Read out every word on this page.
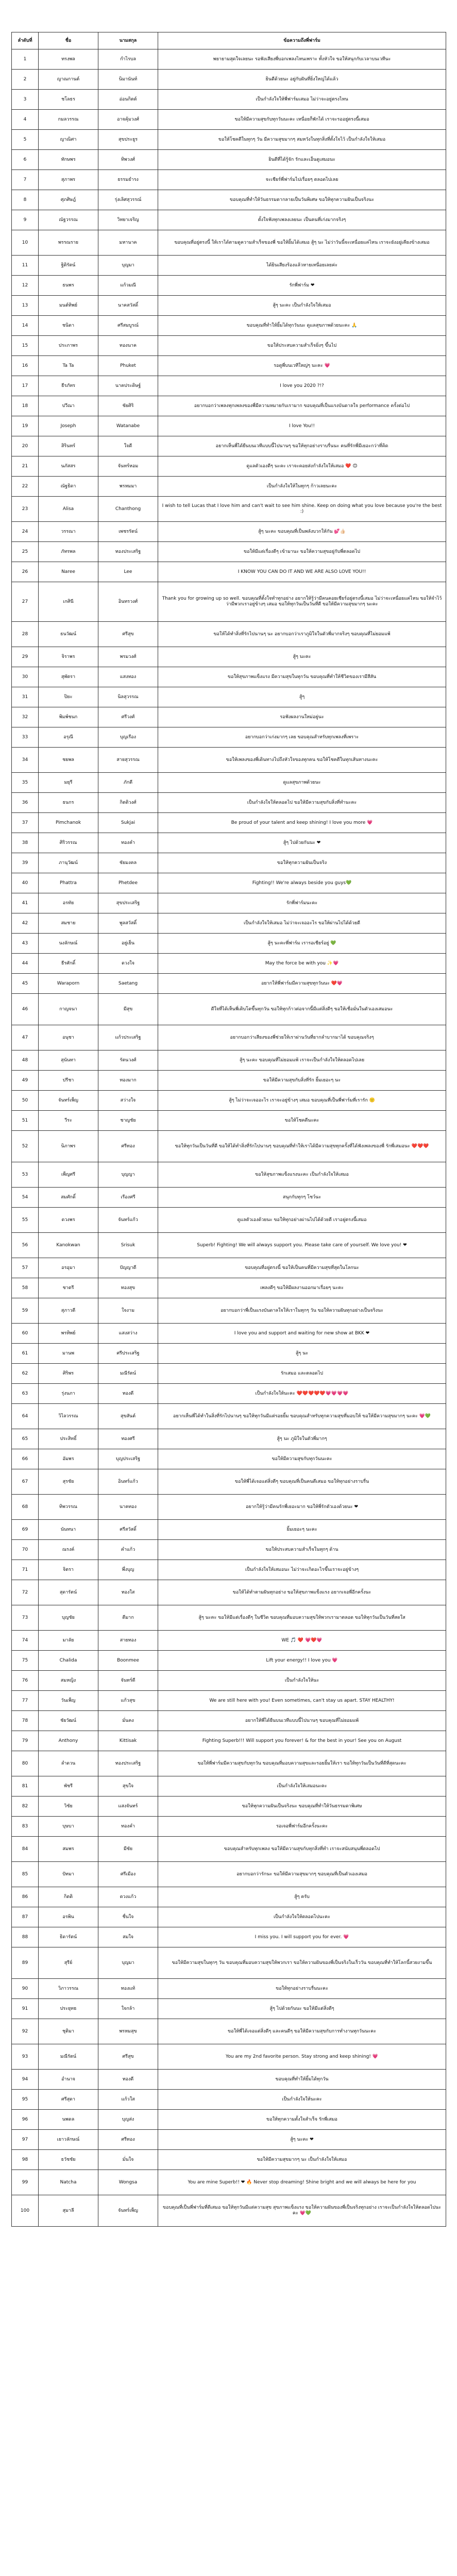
ลำดับที่	ชื่อ	นามสกุล	ข้อความถึงพี่ฟาร์ม
1	ทรงพล	กำไรบล	พยายามสุดใจเลยนะ รอฟังเสียงพี่บอกเพลงไหนเพราะ ทั้งหัวใจ ขอให้สนุกกับเวลาบนเวทีนะ
2	ญาณกานต์	นิมานันท์	ยินดีด้วยนะ อยู่กับฝันที่ยิ่งใหญ่ได้แล้ว
3	ชโลธร	อ่อนกิตต์	เป็นกำลังใจให้พี่ฟาร์มเสมอ ไม่ว่าจะอยู่ตรงไหน
4	กมลวรรณ	อาจคุ้มวงศ์	ขอให้มีความสุขกับทุกวันนะคะ เหนื่อยก็พักได้ เราจะรออยู่ตรงนี้เสมอ
5	ญาณิศา	สุขประยูร	ขอให้โชคดีในทุกๆ วัน มีความสุขมากๆ สมหวังในทุกสิ่งที่ตั้งใจไว้ เป็นกำลังใจให้เสมอ
6	ทักษพร	ทิพวงศ์	ยินดีที่ได้รู้จัก รักและเอ็นดูเสมอนะ
7	สุภาพร	ธรรมธำรง	จะเชียร์พี่ฟาร์มไปเรื่อยๆ ตลอดไปเลย
8	ศุภศิษฎ์	รุ่งเลิศสุวรรณ์	ขอบคุณที่ทำให้วันธรรมดากลายเป็นวันพิเศษ ขอให้ทุกความฝันเป็นจริงนะ
9	ณัฐวรรณ	วิทยาเจริญ	ตั้งใจฟังทุกเพลงเลยนะ เป็นคนที่เก่งมากจริงๆ
10	พรรณราย	มหานาค	ขอบคุณที่อยู่ตรงนี้ ให้เราได้ตามดูความสำเร็จของพี่ ขอให้ยิ้มได้เสมอ สู้ๆ นะ ไม่ว่าวันนี้จะเหนื่อยแค่ไหน เราจะยังอยู่เคียงข้างเสมอ
11	ฐิติรัตน์	บุญมา	ได้ยินเสียงร้องแล้วหายเหนื่อยเลยค่ะ
12	ธนพร	แก้วมณี	รักพี่ฟาร์ม ❤
13	มนต์ทิพย์	นาคสวัสดิ์	สู้ๆ นะคะ เป็นกำลังใจให้เสมอ
14	ชนิดา	ศรีสมบูรณ์	ขอบคุณที่ทำให้ยิ้มได้ทุกวันนะ ดูแลสุขภาพด้วยนะคะ 🙏
15	ประภาพร	ทองนาค	ขอให้ประสบความสำเร็จยิ่งๆ ขึ้นไป
16	Ta Ta	Phuket	รอดูพี่บนเวทีใหญ่ๆ นะคะ 💗
17	ธีรภัทร	นาคประดิษฐ์	I love you 2020 ?!?
18	ปวีณา	ชัยศิริ	อยากบอกว่าเพลงทุกเพลงของพี่มีความหมายกับเรามาก ขอบคุณที่เป็นแรงบันดาลใจ performance ครั้งต่อไป
19	Joseph	Watanabe	I love You!!
20	สิรินทร์	ใจดี	อยากเห็นพี่ได้ยืนบนเวทีแบบนี้ไปนานๆ ขอให้ทุกอย่างราบรื่นนะ คนที่รักพี่มีเยอะกว่าที่คิด
21	นภัสสร	จันทร์หอม	ดูแลตัวเองดีๆ นะคะ เราจะคอยส่งกำลังใจให้เสมอ ❤️ 😊
22	ณัฐธิดา	พรหมมา	เป็นกำลังใจให้ในทุกๆ ก้าวเลยนะคะ
23	Alisa	Chanthong	I wish to tell Lucas that I love him and can't wait to see him shine. Keep on doing what you love because you're the best :)
24	วรรณา	เพชรรัตน์	สู้ๆ นะคะ ขอบคุณที่เป็นพลังบวกให้กัน 💕👍🏻
25	ภัทรพล	ทองประเสริฐ	ขอให้มีแต่เรื่องดีๆ เข้ามานะ ขอให้ความสุขอยู่กับพี่ตลอดไป
26	Naree	Lee	I KNOW YOU CAN DO IT AND WE ARE ALSO LOVE YOU!!
27	เกศินี	อินทรวงศ์	Thank you for growing up so well. ขอบคุณที่ตั้งใจทำทุกอย่าง อยากให้รู้ว่ามีคนคอยเชียร์อยู่ตรงนี้เสมอ ไม่ว่าจะเหนื่อยแค่ไหน ขอให้จำไว้ว่ามีพวกเราอยู่ข้างๆ เสมอ ขอให้ทุกวันเป็นวันที่ดี ขอให้มีความสุขมากๆ นะคะ
28	ธนวัฒน์	ศรีสุข	ขอให้ได้ทำสิ่งที่รักไปนานๆ นะ อยากบอกว่าเราภูมิใจในตัวพี่มากจริงๆ ขอบคุณที่ไม่ยอมแพ้
29	จิราพร	พรมวงศ์	สู้ๆ นะคะ
30	สุพัตรา	แสงทอง	ขอให้สุขภาพแข็งแรง มีความสุขในทุกวัน ขอบคุณที่ทำให้ชีวิตของเรามีสีสัน
31	ปิยะ	นิลสุวรรณ	สู้ๆ
32	พิมพ์ชนก	ศรีวงศ์	รอฟังผลงานใหม่อยู่นะ
33	อรุณี	บุญเรือง	อยากบอกว่าเก่งมากๆ เลย ขอบคุณสำหรับทุกเพลงที่เพราะ
34	ชยพล	สายสุวรรณ	ขอให้เพลงของพี่เดินทางไปถึงหัวใจของทุกคน ขอให้โชคดีในทุกเส้นทางนะคะ
35	มยุรี	ภักดี	ดูแลสุขภาพด้วยนะ
36	ธนกร	กิตติวงศ์	เป็นกำลังใจให้ตลอดไป ขอให้มีความสุขกับสิ่งที่ทำนะคะ
37	Pimchanok	Sukjai	Be proud of your talent and keep shining! I love you more 💗
38	ศิริวรรณ	ทองคำ	สู้ๆ ไปด้วยกันนะ ❤
39	ภานุวัฒน์	ชัยมงคล	ขอให้ทุกความฝันเป็นจริง
40	Phattra	Phetdee	Fighting!! We're always beside you guys💚
41	อรทัย	สุขประเสริฐ	รักพี่ฟาร์มนะคะ
42	สมชาย	พูลสวัสดิ์	เป็นกำลังใจให้เสมอ ไม่ว่าจะเจออะไร ขอให้ผ่านไปได้ด้วยดี
43	นงลักษณ์	อยู่เย็น	สู้ๆ นะคะพี่ฟาร์ม เรารอเชียร์อยู่ 💚
44	ธีรศักดิ์	ดวงใจ	May the force be with you ✨💗
45	Waraporn	Saetang	อยากให้พี่ฟาร์มมีความสุขทุกวันนะ ❤️💗
46	กาญจนา	มีสุข	ดีใจที่ได้เห็นพี่เติบโตขึ้นทุกวัน ขอให้ทุกก้าวต่อจากนี้มีแต่สิ่งดีๆ ขอให้เชื่อมั่นในตัวเองเสมอนะ
47	อนุชา	แก้วประเสริฐ	อยากบอกว่าเสียงของพี่ช่วยให้เราผ่านวันที่ยากลำบากมาได้ ขอบคุณจริงๆ
48	สุนันทา	รัตนวงศ์	สู้ๆ นะคะ ขอบคุณที่ไม่ยอมแพ้ เราจะเป็นกำลังใจให้ตลอดไปเลย
49	ปรีชา	ทองมาก	ขอให้มีความสุขกับสิ่งที่รัก ยิ้มเยอะๆ นะ
50	จันทร์เพ็ญ	สว่างใจ	สู้ๆ ไม่ว่าจะเจออะไร เราจะอยู่ข้างๆ เสมอ ขอบคุณที่เป็นพี่ฟาร์มที่เรารัก 🙂
51	วีระ	ชาญชัย	ขอให้โชคดีนะคะ
52	นิภาพร	ศรีทอง	ขอให้ทุกวันเป็นวันที่ดี ขอให้ได้ทำสิ่งที่รักไปนานๆ ขอบคุณที่ทำให้เราได้มีความสุขทุกครั้งที่ได้ฟังเพลงของพี่ รักพี่เสมอนะ ❤️❤️❤️
53	เพ็ญศรี	บุญญา	ขอให้สุขภาพแข็งแรงนะคะ เป็นกำลังใจให้เสมอ
54	สมศักดิ์	เรืองศรี	สนุกกับทุกๆ โชว์นะ
55	ดวงพร	จันทร์แก้ว	ดูแลตัวเองด้วยนะ ขอให้ทุกอย่างผ่านไปได้ด้วยดี เราอยู่ตรงนี้เสมอ
56	Kanokwan	Srisuk	Superb! Fighting! We will always support you. Please take care of yourself. We love you! ❤
57	อรอุมา	ปัญญาดี	ขอบคุณที่อยู่ตรงนี้ ขอให้เป็นคนที่มีความสุขที่สุดในโลกนะ
58	ชาตรี	ทองสุข	เพลงดีๆ ขอให้มีผลงานออกมาเรื่อยๆ นะคะ
59	สุภาวดี	ใจงาม	อยากบอกว่าพี่เป็นแรงบันดาลใจให้เราในทุกๆ วัน ขอให้ความฝันทุกอย่างเป็นจริงนะ
60	พรทิพย์	แสงสว่าง	I love you and support and waiting for new show at BKK ❤
61	มานพ	ศรีประเสริฐ	สู้ๆ นะ
62	ศิริพร	มณีรัตน์	รักเสมอ และตลอดไป
63	รุ่งนภา	ทองดี	เป็นกำลังใจให้นะคะ ❤️❤️❤️❤️❤️💗💗💗💗
64	วิไลวรรณ	สุขสันต์	อยากเห็นพี่ได้ทำในสิ่งที่รักไปนานๆ ขอให้ทุกวันมีแต่รอยยิ้ม ขอบคุณสำหรับทุกความสุขที่มอบให้ ขอให้มีความสุขมากๆ นะคะ 💗💚
65	ประสิทธิ์	ทองศรี	สู้ๆ นะ ภูมิใจในตัวพี่มากๆ
66	อัมพร	บุญประเสริฐ	ขอให้มีความสุขกับทุกวันนะคะ
67	สุรชัย	อินทร์แก้ว	ขอให้พี่ได้เจอแต่สิ่งดีๆ ขอบคุณที่เป็นคนดีเสมอ ขอให้ทุกอย่างราบรื่น
68	ทิพวรรณ	นาคทอง	อยากให้รู้ว่ามีคนรักพี่เยอะมาก ขอให้พี่รักตัวเองด้วยนะ ❤
69	นันทนา	ศรีสวัสดิ์	ยิ้มเยอะๆ นะคะ
70	ณรงค์	คำแก้ว	ขอให้ประสบความสำเร็จในทุกๆ ด้าน
71	จิตรา	พึ่งบุญ	เป็นกำลังใจให้เสมอนะ ไม่ว่าจะเกิดอะไรขึ้นเราจะอยู่ข้างๆ
72	สุดารัตน์	ทองใส	ขอให้ได้ทำตามฝันทุกอย่าง ขอให้สุขภาพแข็งแรง อยากเจอพี่อีกครั้งนะ
73	บุญชัย	ดีมาก	สู้ๆ นะคะ ขอให้มีแต่เรื่องดีๆ ในชีวิต ขอบคุณที่มอบความสุขให้พวกเรามาตลอด ขอให้ทุกวันเป็นวันที่สดใส
74	มาลัย	สายทอง	WE 🎵 ❤️ 💗❤️💗
75	Chalida	Boonmee	Lift your energy!! I love you 💗
76	สมหญิง	จันทร์ดี	เป็นกำลังใจให้นะ
77	วันเพ็ญ	แก้วสุข	We are still here with you! Even sometimes, can't stay us apart. STAY HEALTHY!
78	ชัยวัฒน์	มั่นคง	อยากให้พี่ได้ยืนบนเวทีแบบนี้ไปนานๆ ขอบคุณที่ไม่ยอมแพ้
79	Anthony	Kittisak	Fighting Superb!!! Will support you forever! & for the best in your! See you on August
80	ลำดวน	ทองประเสริฐ	ขอให้พี่ฟาร์มมีความสุขกับทุกวัน ขอบคุณที่มอบความสุขและรอยยิ้มให้เรา ขอให้ทุกวันเป็นวันที่ดีที่สุดนะคะ
81	พัชรี	สุขใจ	เป็นกำลังใจให้เสมอนะคะ
82	วิชัย	แสงจันทร์	ขอให้ทุกความฝันเป็นจริงนะ ขอบคุณที่ทำให้วันธรรมดาพิเศษ
83	บุษบา	ทองคำ	รอเจอพี่ฟาร์มอีกครั้งนะคะ
84	สมพร	มีชัย	ขอบคุณสำหรับทุกเพลง ขอให้มีความสุขกับทุกสิ่งที่ทำ เราจะสนับสนุนพี่ตลอดไป
85	ปัทมา	ศรีเมือง	อยากบอกว่ารักนะ ขอให้มีความสุขมากๆ ขอบคุณที่เป็นตัวเองเสมอ
86	กิตติ	ดวงแก้ว	สู้ๆ ครับ
87	อรพิน	ชื่นใจ	เป็นกำลังใจให้ตลอดไปนะคะ
88	ธิดารัตน์	สมใจ	I miss you. I will support you for ever. 💗
89	สุรีย์	บุญมา	ขอให้มีความสุขในทุกๆ วัน ขอบคุณที่มอบความสุขให้พวกเรา ขอให้ความฝันของพี่เป็นจริงในเร็ววัน ขอบคุณที่ทำให้โลกนี้สวยงามขึ้น
90	วิภาวรรณ	ทองแท้	ขอให้ทุกอย่างราบรื่นนะคะ
91	ประยุทธ	ใจกล้า	สู้ๆ ไปด้วยกันนะ ขอให้มีแต่สิ่งดีๆ
92	ชุติมา	พรหมสุข	ขอให้พี่ได้เจอแต่สิ่งดีๆ และคนดีๆ ขอให้มีความสุขกับการทำงานทุกวันนะคะ
93	มณีรัตน์	ศรีสุข	You are my 2nd favorite person. Stay strong and keep shining! 💗
94	อำนาจ	ทองดี	ขอบคุณที่ทำให้ยิ้มได้ทุกวัน
95	ศรีสุดา	แก้วใส	เป็นกำลังใจให้นะคะ
96	นพดล	บุญส่ง	ขอให้ทุกความตั้งใจสำเร็จ รักพี่เสมอ
97	เยาวลักษณ์	ศรีทอง	สู้ๆ นะคะ ❤
98	ธวัชชัย	มั่นใจ	ขอให้มีความสุขมากๆ นะ เป็นกำลังใจให้เสมอ
99	Natcha	Wongsa	You are mine Superb!! ❤ 🔥 Never stop dreaming! Shine bright and we will always be here for you
100	สุมาลี	จันทร์เพ็ญ	ขอบคุณที่เป็นพี่ฟาร์มที่ดีเสมอ ขอให้ทุกวันมีแต่ความสุข สุขภาพแข็งแรง ขอให้ความฝันของพี่เป็นจริงทุกอย่าง เราจะเป็นกำลังใจให้ตลอดไปนะคะ 💗💚
